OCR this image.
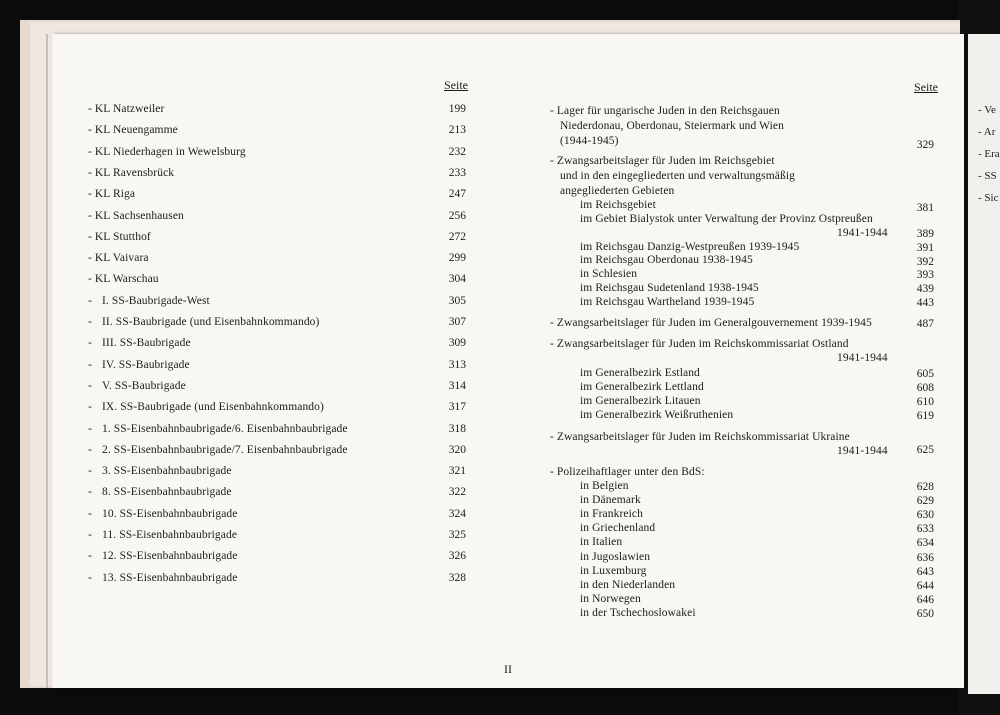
- Ve
- Ar
- Era
- SS
- Sic
Seite
- KL Natzweiler	199
- KL Neuengamme	213
- KL Niederhagen in Wewelsburg	232
- KL Ravensbrück	233
- KL Riga	247
- KL Sachsenhausen	256
- KL Stutthof	272
- KL Vaivara	299
- KL Warschau	304
- I. SS-Baubrigade-West	305
- II. SS-Baubrigade (und Eisenbahnkommando)	307
- III. SS-Baubrigade	309
- IV. SS-Baubrigade	313
- V. SS-Baubrigade	314
- IX. SS-Baubrigade (und Eisenbahnkommando)	317
- 1. SS-Eisenbahnbaubrigade/6. Eisenbahnbaubrigade	318
- 2. SS-Eisenbahnbaubrigade/7. Eisenbahnbaubrigade	320
- 3. SS-Eisenbahnbaubrigade	321
- 8. SS-Eisenbahnbaubrigade	322
- 10. SS-Eisenbahnbaubrigade	324
- 11. SS-Eisenbahnbaubrigade	325
- 12. SS-Eisenbahnbaubrigade	326
- 13. SS-Eisenbahnbaubrigade	328
Seite
- Lager für ungarische Juden in den Reichsgauen
Niederdonau, Oberdonau, Steiermark und Wien
(1944-1945)	329
- Zwangsarbeitslager für Juden im Reichsgebiet
und in den eingegliederten und verwaltungsmäßig
angegliederten Gebieten
im Reichsgebiet	381
im Gebiet Bialystok unter Verwaltung der Provinz Ostpreußen
1941-1944	389
im Reichsgau Danzig-Westpreußen 1939-1945	391
im Reichsgau Oberdonau 1938-1945	392
in Schlesien	393
im Reichsgau Sudetenland 1938-1945	439
im Reichsgau Wartheland 1939-1945	443
- Zwangsarbeitslager für Juden im Generalgouvernement 1939-1945	487
- Zwangsarbeitslager für Juden im Reichskommissariat Ostland
1941-1944
im Generalbezirk Estland	605
im Generalbezirk Lettland	608
im Generalbezirk Litauen	610
im Generalbezirk Weißruthenien	619
- Zwangsarbeitslager für Juden im Reichskommissariat Ukraine
1941-1944	625
- Polizeihaftlager unter den BdS:
in Belgien	628
in Dänemark	629
in Frankreich	630
in Griechenland	633
in Italien	634
in Jugoslawien	636
in Luxemburg	643
in den Niederlanden	644
in Norwegen	646
in der Tschechoslowakei	650
II
